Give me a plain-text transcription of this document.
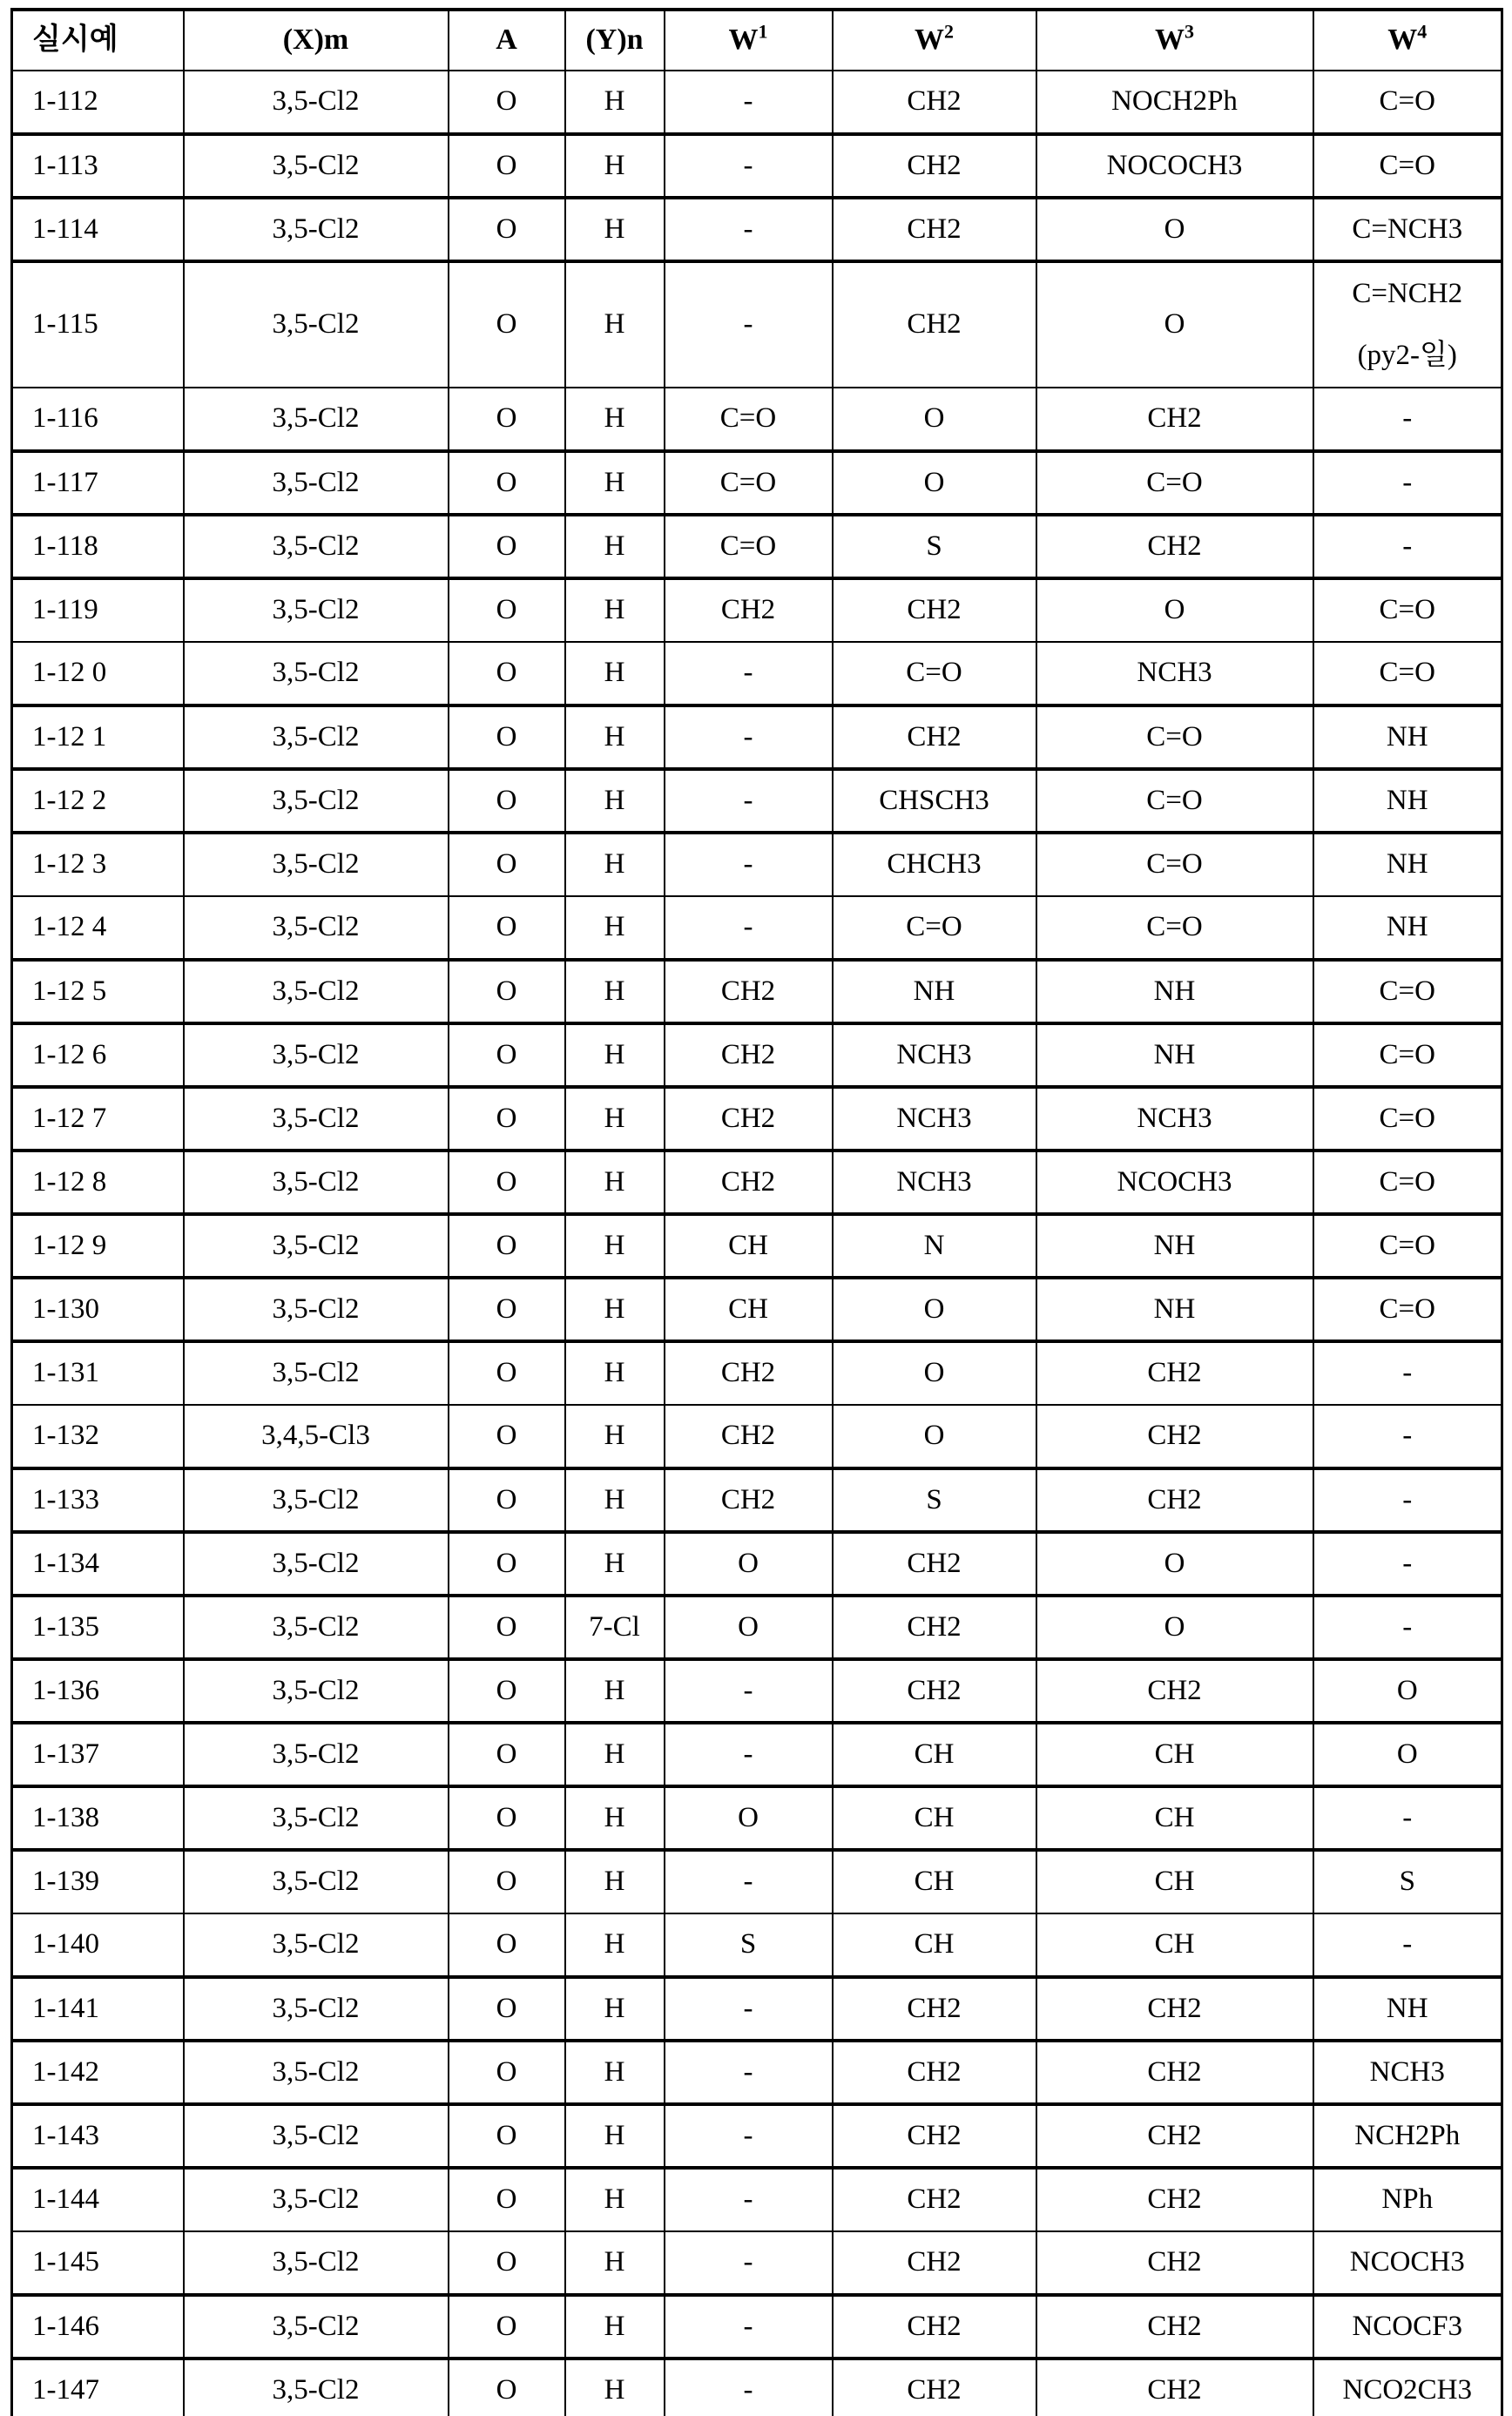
실시예	(X)m	A	(Y)n	$W^1$	$W^2$	$W^3$	$W^4$
1-112	3,5-Cl2	O	H	-	CH2	NOCH2Ph	C=O
1-113	3,5-Cl2	O	H	-	CH2	NOCOCH3	C=O
1-114	3,5-Cl2	O	H	-	CH2	O	C=NCH3
1-115	3,5-Cl2	O	H	-	CH2	O	C=NCH2
(py2-일)
1-116	3,5-Cl2	O	H	C=O	O	CH2	-
1-117	3,5-Cl2	O	H	C=O	O	C=O	-
1-118	3,5-Cl2	O	H	C=O	S	CH2	-
1-119	3,5-Cl2	O	H	CH2	CH2	O	C=O
1-12 0	3,5-Cl2	O	H	-	C=O	NCH3	C=O
1-12 1	3,5-Cl2	O	H	-	CH2	C=O	NH
1-12 2	3,5-Cl2	O	H	-	CHSCH3	C=O	NH
1-12 3	3,5-Cl2	O	H	-	CHCH3	C=O	NH
1-12 4	3,5-Cl2	O	H	-	C=O	C=O	NH
1-12 5	3,5-Cl2	O	H	CH2	NH	NH	C=O
1-12 6	3,5-Cl2	O	H	CH2	NCH3	NH	C=O
1-12 7	3,5-Cl2	O	H	CH2	NCH3	NCH3	C=O
1-12 8	3,5-Cl2	O	H	CH2	NCH3	NCOCH3	C=O
1-12 9	3,5-Cl2	O	H	CH	N	NH	C=O
1-130	3,5-Cl2	O	H	CH	O	NH	C=O
1-131	3,5-Cl2	O	H	CH2	O	CH2	-
1-132	3,4,5-Cl3	O	H	CH2	O	CH2	-
1-133	3,5-Cl2	O	H	CH2	S	CH2	-
1-134	3,5-Cl2	O	H	O	CH2	O	-
1-135	3,5-Cl2	O	7-Cl	O	CH2	O	-
1-136	3,5-Cl2	O	H	-	CH2	CH2	O
1-137	3,5-Cl2	O	H	-	CH	CH	O
1-138	3,5-Cl2	O	H	O	CH	CH	-
1-139	3,5-Cl2	O	H	-	CH	CH	S
1-140	3,5-Cl2	O	H	S	CH	CH	-
1-141	3,5-Cl2	O	H	-	CH2	CH2	NH
1-142	3,5-Cl2	O	H	-	CH2	CH2	NCH3
1-143	3,5-Cl2	O	H	-	CH2	CH2	NCH2Ph
1-144	3,5-Cl2	O	H	-	CH2	CH2	NPh
1-145	3,5-Cl2	O	H	-	CH2	CH2	NCOCH3
1-146	3,5-Cl2	O	H	-	CH2	CH2	NCOCF3
1-147	3,5-Cl2	O	H	-	CH2	CH2	NCO2CH3
